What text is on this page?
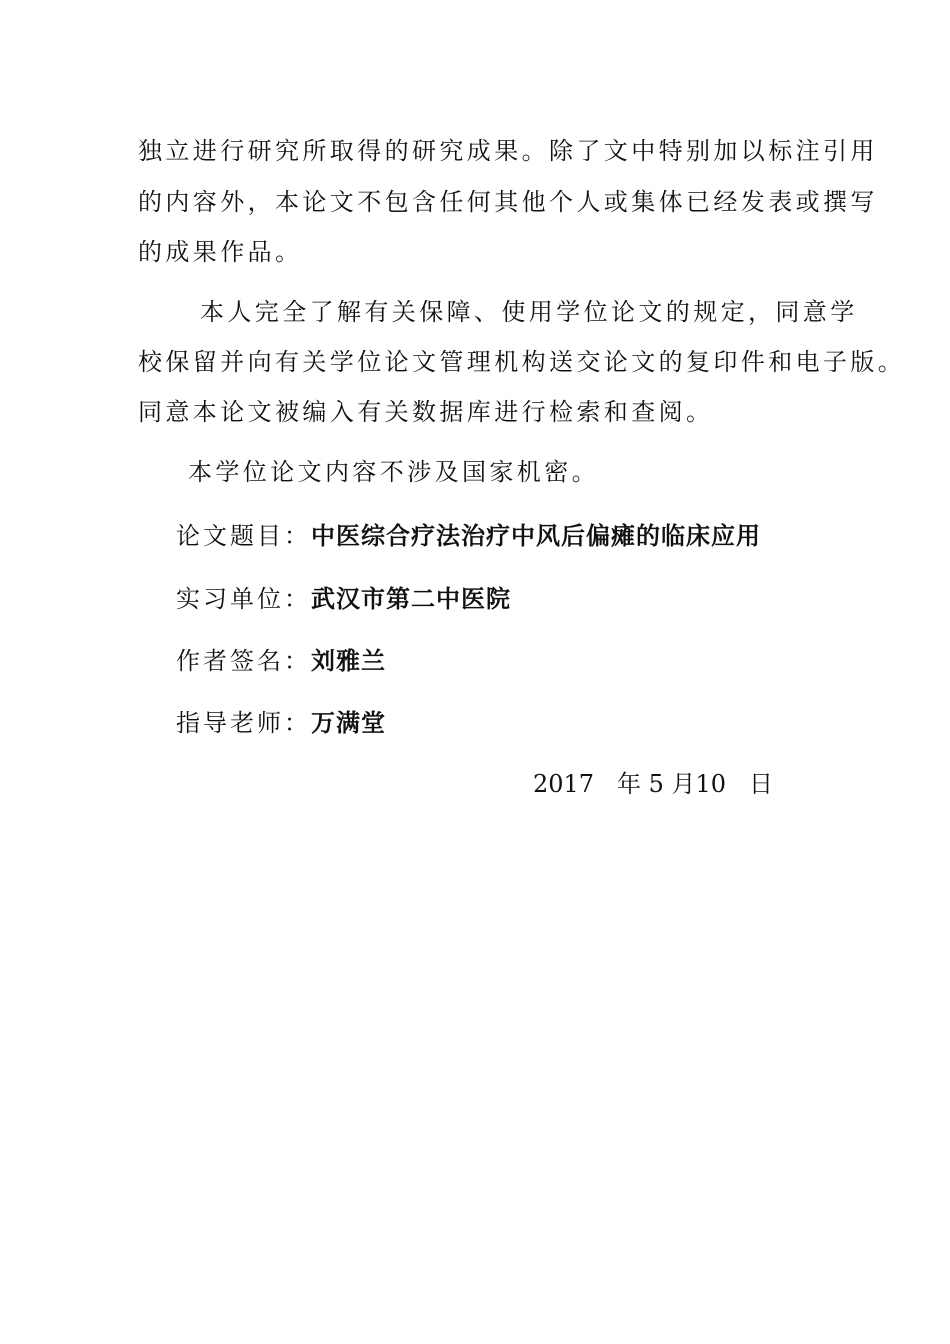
独立进行研究所取得的研究成果。除了文中特别加以标注引用
的内容外，本论文不包含任何其他个人或集体已经发表或撰写
的成果作品。
本人完全了解有关保障、使用学位论文的规定，同意学
校保留并向有关学位论文管理机构送交论文的复印件和电子版。
同意本论文被编入有关数据库进行检索和查阅。
本学位论文内容不涉及国家机密。
论文题目：中医综合疗法治疗中风后偏瘫的临床应用
实习单位：武汉市第二中医院
作者签名：刘雅兰
指导老师：万满堂
2017 年 5 月10 日
